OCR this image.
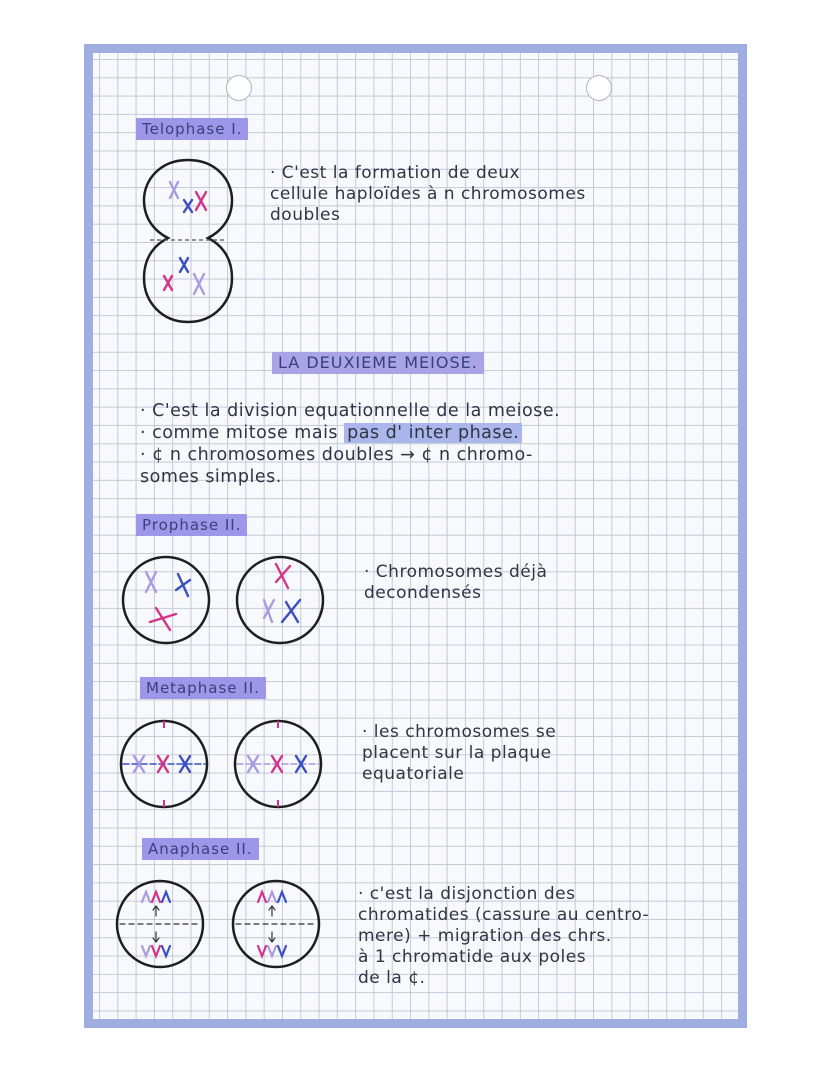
Telophase I.
· C'est la formation de deux
cellule haploïdes à n chromosomes
doubles
LA DEUXIEME MEIOSE.
· C'est la division equationnelle de la meiose.
· comme mitose mais pas d' inter phase.
· ¢ n chromosomes doubles → ¢ n chromo-
somes simples.
Prophase II.
· Chromosomes déjà
decondensés
Metaphase II.
· les chromosomes se
placent sur la plaque
equatoriale
Anaphase II.
· c'est la disjonction des
chromatides (cassure au centro-
mere) + migration des chrs.
à 1 chromatide aux poles
de la ¢.
